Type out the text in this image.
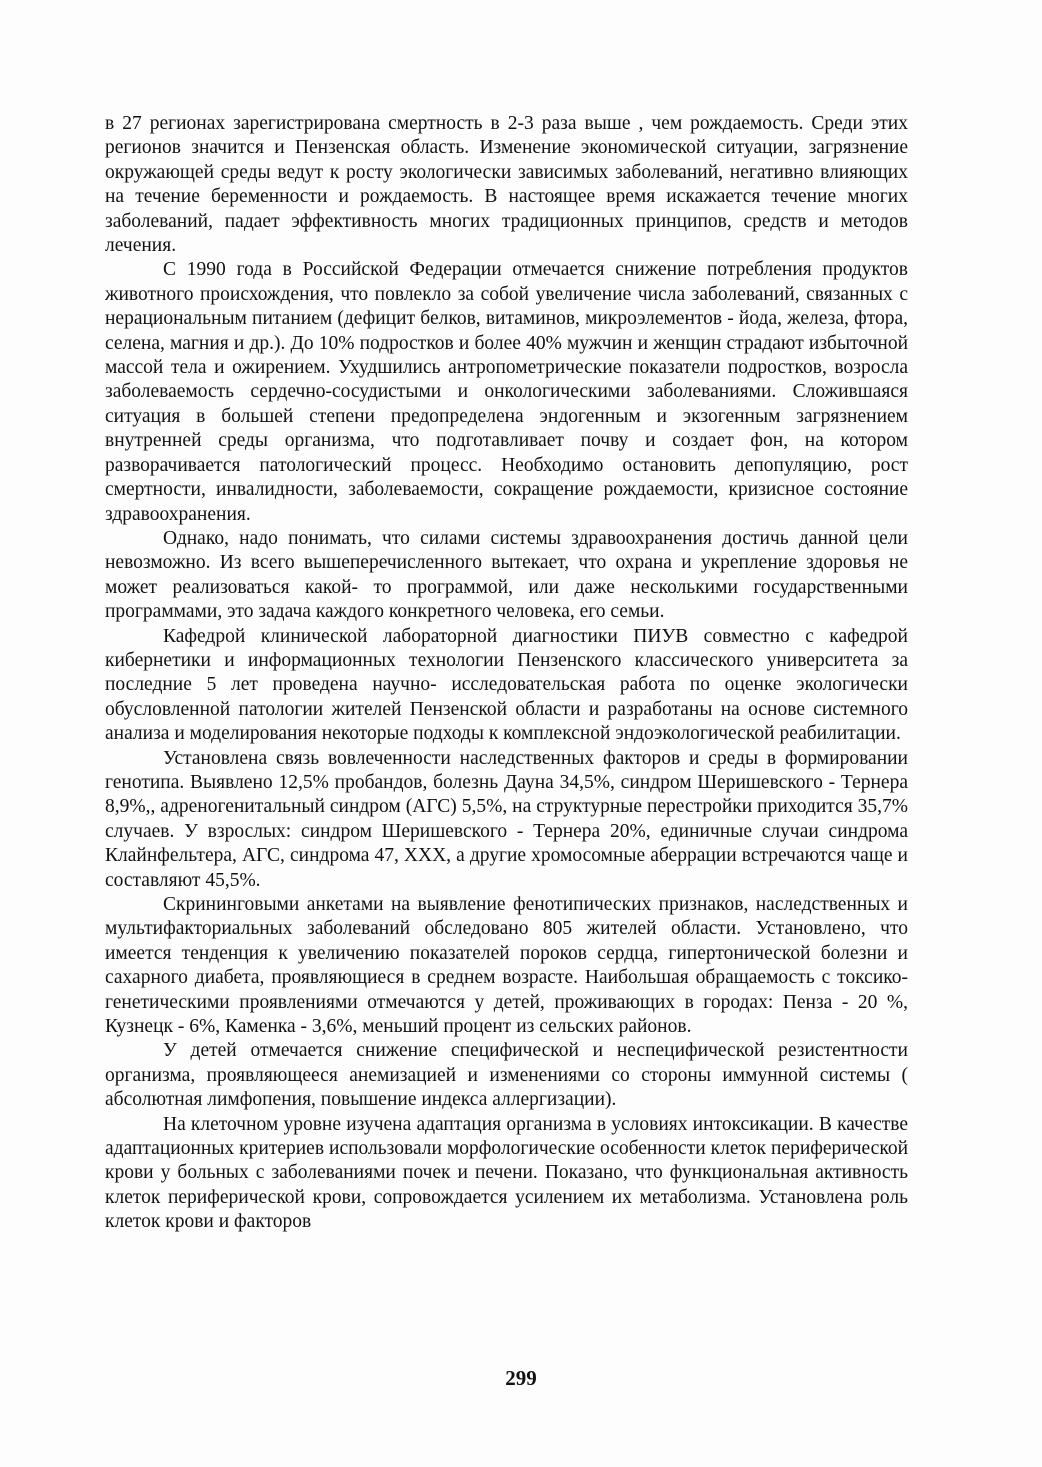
в 27 регионах зарегистрирована смертность в 2-3 раза выше , чем рождаемость. Среди этих регионов значится и Пензенская область. Изменение экономической ситуации, загрязнение окружающей среды ведут к росту экологически зависимых заболеваний, негативно влияющих на течение беременности и рождаемость. В настоящее время искажается течение многих заболеваний, падает эффективность многих традиционных принципов, средств и методов лечения.

С 1990 года в Российской Федерации отмечается снижение потребления продуктов животного происхождения, что повлекло за собой увеличение числа заболеваний, связанных с нерациональным питанием (дефицит белков, витаминов, микроэлементов - йода, железа, фтора, селена, магния и др.). До 10% подростков и более 40% мужчин и женщин страдают избыточной массой тела и ожирением. Ухудшились антропометрические показатели подростков, возросла заболеваемость сердечно-сосудистыми и онкологическими заболеваниями. Сложившаяся ситуация в большей степени предопределена эндогенным и экзогенным загрязнением внутренней среды организма, что подготавливает почву и создает фон, на котором разворачивается патологический процесс. Необходимо остановить депопуляцию, рост смертности, инвалидности, заболеваемости, сокращение рождаемости, кризисное состояние здравоохранения.

Однако, надо понимать, что силами системы здравоохранения достичь данной цели невозможно. Из всего вышеперечисленного вытекает, что охрана и укрепление здоровья не может реализоваться какой- то программой, или даже несколькими государственными программами, это задача каждого конкретного человека, его семьи.

Кафедрой клинической лабораторной диагностики ПИУВ совместно с кафедрой кибернетики и информационных технологии Пензенского классического университета за последние 5 лет проведена научно- исследовательская работа по оценке экологически обусловленной патологии жителей Пензенской области и разработаны на основе системного анализа и моделирования некоторые подходы к комплексной эндоэкологической реабилитации.

Установлена связь вовлеченности наследственных факторов и среды в формировании генотипа. Выявлено 12,5% пробандов, болезнь Дауна 34,5%, синдром Шеришевского - Тернера 8,9%,, адреногенитальный синдром (АГС) 5,5%, на структурные перестройки приходится 35,7% случаев. У взрослых: синдром Шеришевского - Тернера 20%, единичные случаи синдрома Клайнфельтера, АГС, синдрома 47, XXX, а другие хромосомные аберрации встречаются чаще и составляют 45,5%.

Скрининговыми анкетами на выявление фенотипических признаков, наследственных и мультифакториальных заболеваний обследовано 805 жителей области. Установлено, что имеется тенденция к увеличению показателей пороков сердца, гипертонической болезни и сахарного диабета, проявляющиеся в среднем возрасте. Наибольшая обращаемость с токсико-генетическими проявлениями отмечаются у детей, проживающих в городах: Пенза - 20 %, Кузнецк - 6%, Каменка - 3,6%, меньший процент из сельских районов.

У детей отмечается снижение специфической и неспецифической резистентности организма, проявляющееся анемизацией и изменениями со стороны иммунной системы ( абсолютная лимфопения, повышение индекса аллергизации).

На клеточном уровне изучена адаптация организма в условиях интоксикации. В качестве адаптационных критериев использовали морфологические особенности клеток периферической крови у больных с заболеваниями почек и печени. Показано, что функциональная активность клеток периферической крови, сопровождается усилением их метаболизма. Установлена роль клеток крови и факторов

299
